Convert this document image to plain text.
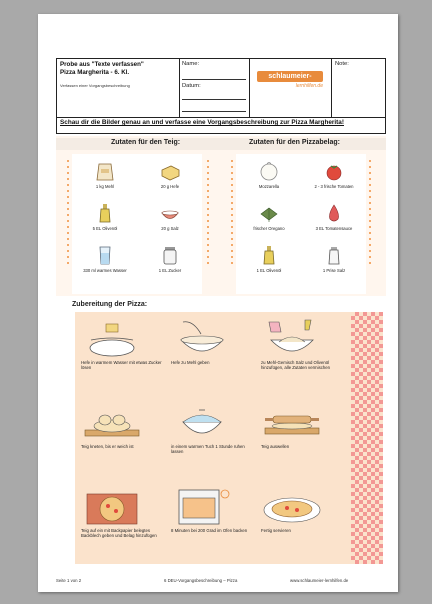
Probe aus "Texte verfassen"
Pizza Margherita - 6. Kl.
Verfassen einer Vorgangsbeschreibung
Name:
Datum:
schlaumeier-
lernhilfen.de
Note:
Schau dir die Bilder genau an und verfasse eine Vorgangsbeschreibung zur Pizza Margherita!
Zutaten für den Teig:	Zutaten für den Pizzabelag:
1 kg Mehl	20 g Hefe
5 EL Olivenöl	20 g Salz
330 ml warmes Wasser	1 EL Zucker
Mozzarella	2 - 3 frische Tomaten
frischer Oregano	3 EL Tomatensauce
1 EL Olivenöl	1 Prise Salz
Zubereitung der Pizza:
Hefe in warmem Wasser mit etwas Zucker lösen
Hefe zu Mehl geben	zu Mehl-Gemisch Salz und Olivenöl hinzufügen, alle Zutaten vermischen
Teig kneten, bis er weich ist	in einem warmen Tuch 1 Stunde ruhen lassen
Teig auswellen
Teig auf ein mit Backpapier belegtes Backblech geben und Belag hinzufügen
8 Minuten bei 200 Grad im Ofen backen	Fertig servieren
Seite 1 von 2	6 DEU-Vorgangsbeschreibung – Pizza	www.schlaumeier-lernhilfen.de
